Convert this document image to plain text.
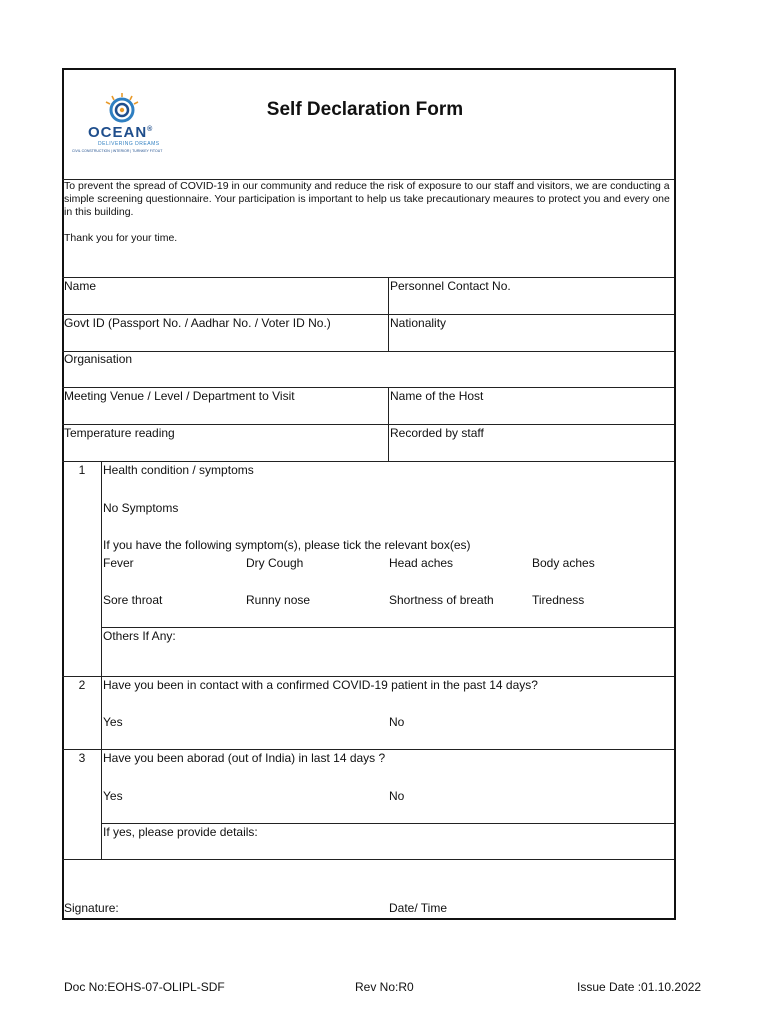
OCEAN®
DELIVERING DREAMS
CIVIL CONSTRUCTION | INTERIOR | TURNKEY FITOUT
Self Declaration Form
To prevent the spread of COVID-19 in our community and reduce the risk of exposure to our staff and visitors, we are conducting a simple screening questionnaire. Your participation is important to help us take precautionary meaures to protect you and every one in this building.
Thank you for your time.
Name	Personnel Contact No.
Govt ID (Passport No. / Aadhar No. / Voter ID No.)	Nationality
Organisation
Meeting Venue / Level / Department to Visit	Name of the Host
Temperature reading	Recorded by staff
1	Health condition / symptoms
No Symptoms
If you have the following symptom(s), please tick the relevant box(es)
Fever	Dry Cough	Head aches	Body aches
Sore throat	Runny nose	Shortness of breath	Tiredness
Others If Any:
2	Have you been in contact with a confirmed COVID-19 patient in the past 14 days?
Yes	No
3	Have you been aborad (out of India) in last 14 days ?
Yes	No
If yes, please provide details:
Signature:	Date/ Time
Doc No:EOHS-07-OLIPL-SDF	Rev No:R0	Issue Date :01.10.2022
